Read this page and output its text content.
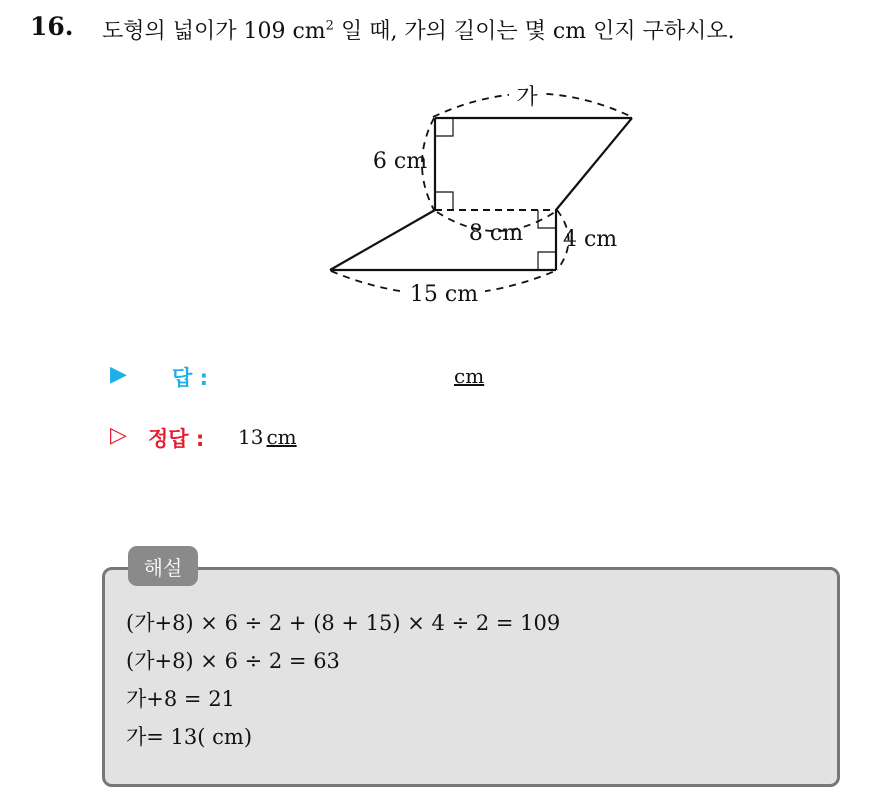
16. 도형의 넓이가 109 $cm^2$ 일 때, 가의 길이는 몇 cm 인지 구하시오.
가
6 cm
8 cm 4 cm
15 cm
▶ 답 :	cm
▷ 정답 : 13 cm
해설
(가+8) × 6 ÷ 2 + (8 + 15) × 4 ÷ 2 = 109
(가+8) × 6 ÷ 2 = 63
가+8 = 21
가= 13( cm)
